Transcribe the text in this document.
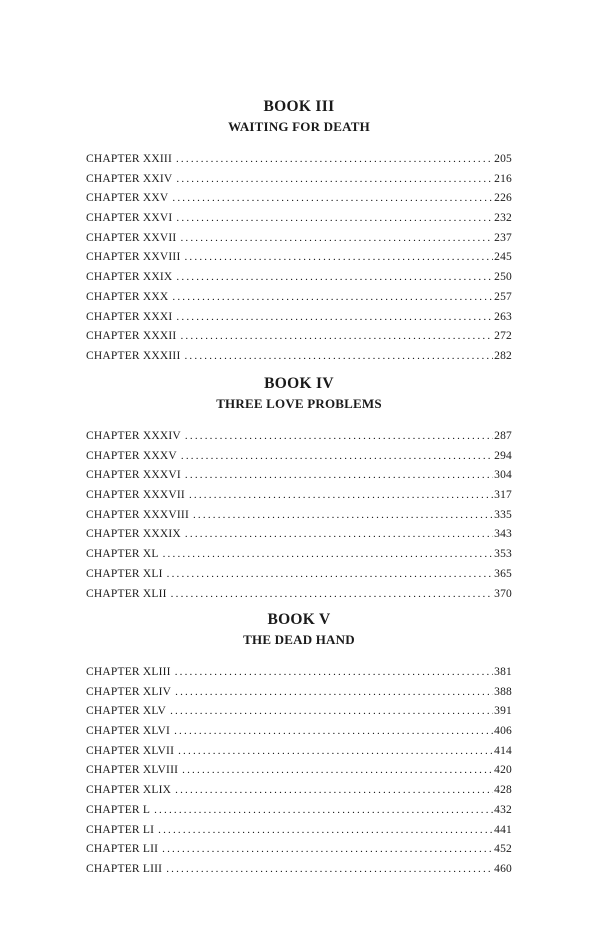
BOOK III
WAITING FOR DEATH
CHAPTER XXIII .....	205
CHAPTER XXIV .....	216
CHAPTER XXV .....	226
CHAPTER XXVI .....	232
CHAPTER XXVII .....	237
CHAPTER XXVIII .....	245
CHAPTER XXIX .....	250
CHAPTER XXX .....	257
CHAPTER XXXI .....	263
CHAPTER XXXII .....	272
CHAPTER XXXIII .....	282
BOOK IV
THREE LOVE PROBLEMS
CHAPTER XXXIV .....	287
CHAPTER XXXV .....	294
CHAPTER XXXVI .....	304
CHAPTER XXXVII .....	317
CHAPTER XXXVIII .....	335
CHAPTER XXXIX .....	343
CHAPTER XL .....	353
CHAPTER XLI .....	365
CHAPTER XLII .....	370
BOOK V
THE DEAD HAND
CHAPTER XLIII .....	381
CHAPTER XLIV .....	388
CHAPTER XLV .....	391
CHAPTER XLVI .....	406
CHAPTER XLVII .....	414
CHAPTER XLVIII .....	420
CHAPTER XLIX .....	428
CHAPTER L .....	432
CHAPTER LI .....	441
CHAPTER LII .....	452
CHAPTER LIII .....	460
